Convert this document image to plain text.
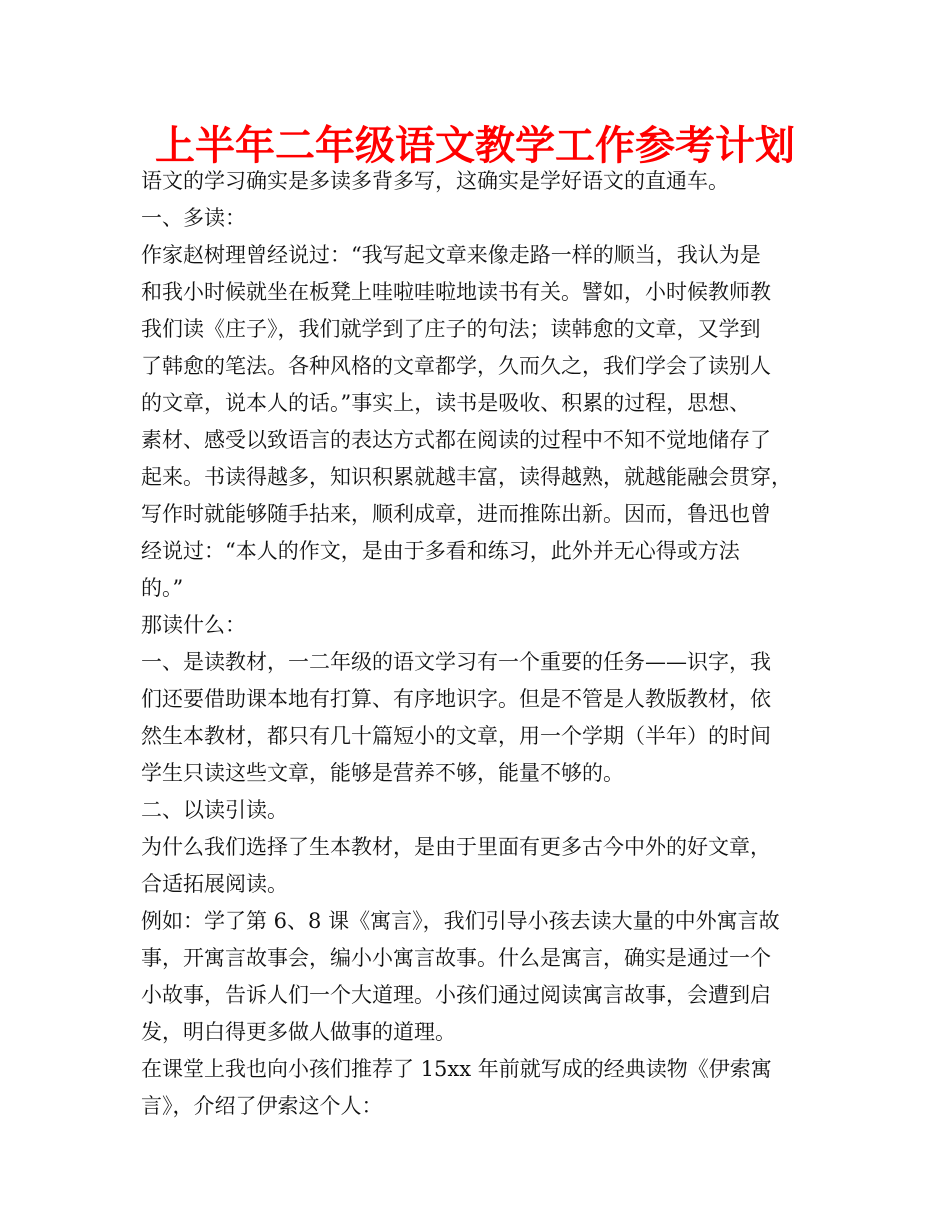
上半年二年级语文教学工作参考计划
语文的学习确实是多读多背多写，这确实是学好语文的直通车。
一、多读：
作家赵树理曾经说过：“我写起文章来像走路一样的顺当，我认为是
和我小时候就坐在板凳上哇啦哇啦地读书有关。譬如，小时候教师教
我们读《庄子》，我们就学到了庄子的句法；读韩愈的文章，又学到
了韩愈的笔法。各种风格的文章都学，久而久之，我们学会了读别人
的文章，说本人的话。”事实上，读书是吸收、积累的过程，思想、
素材、感受以致语言的表达方式都在阅读的过程中不知不觉地储存了
起来。书读得越多，知识积累就越丰富，读得越熟，就越能融会贯穿，
写作时就能够随手拈来，顺利成章，进而推陈出新。因而，鲁迅也曾
经说过：“本人的作文，是由于多看和练习，此外并无心得或方法
的。”
那读什么：
一、是读教材，一二年级的语文学习有一个重要的任务——识字，我
们还要借助课本地有打算、有序地识字。但是不管是人教版教材，依
然生本教材，都只有几十篇短小的文章，用一个学期（半年）的时间
学生只读这些文章，能够是营养不够，能量不够的。
二、以读引读。
为什么我们选择了生本教材，是由于里面有更多古今中外的好文章，
合适拓展阅读。
例如：学了第 6、8 课《寓言》，我们引导小孩去读大量的中外寓言故
事，开寓言故事会，编小小寓言故事。什么是寓言，确实是通过一个
小故事，告诉人们一个大道理。小孩们通过阅读寓言故事，会遭到启
发，明白得更多做人做事的道理。
在课堂上我也向小孩们推荐了 15xx 年前就写成的经典读物《伊索寓
言》，介绍了伊索这个人：
